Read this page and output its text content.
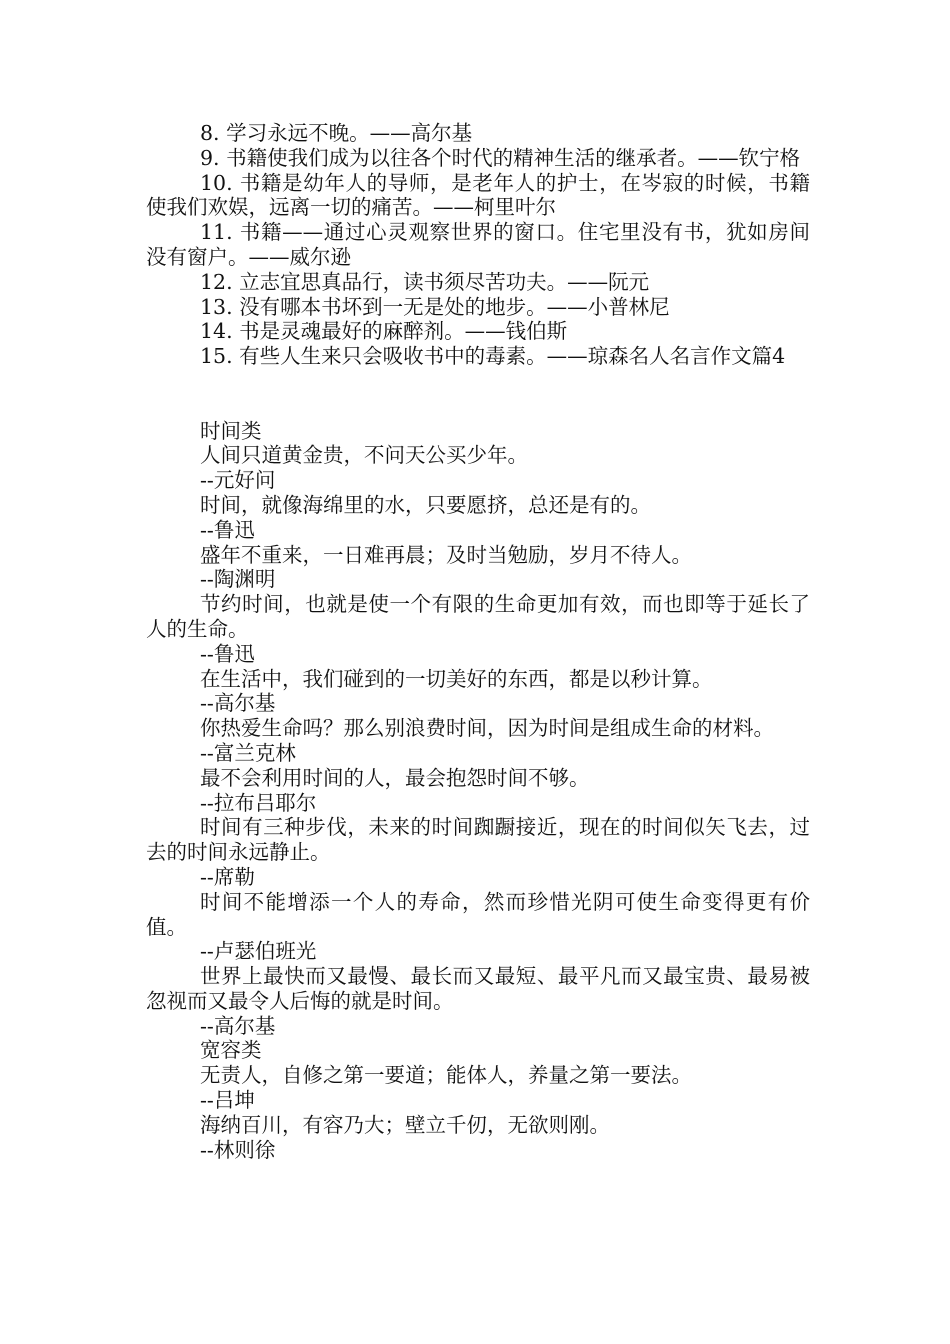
8. 学习永远不晚。——高尔基

9. 书籍使我们成为以往各个时代的精神生活的继承者。——钦宁格

10. 书籍是幼年人的导师，是老年人的护士，在岑寂的时候，书籍使我们欢娱，远离一切的痛苦。——柯里叶尔

11. 书籍——通过心灵观察世界的窗口。住宅里没有书，犹如房间没有窗户。——威尔逊

12. 立志宜思真品行，读书须尽苦功夫。——阮元

13. 没有哪本书坏到一无是处的地步。——小普林尼

14. 书是灵魂最好的麻醉剂。——钱伯斯

15. 有些人生来只会吸收书中的毒素。——琼森名人名言作文篇4

时间类

人间只道黄金贵，不问天公买少年。

--元好问

时间，就像海绵里的水，只要愿挤，总还是有的。

--鲁迅

盛年不重来，一日难再晨；及时当勉励，岁月不待人。

--陶渊明

节约时间，也就是使一个有限的生命更加有效，而也即等于延长了人的生命。

--鲁迅

在生活中，我们碰到的一切美好的东西，都是以秒计算。

--高尔基

你热爱生命吗？那么别浪费时间，因为时间是组成生命的材料。

--富兰克林

最不会利用时间的人，最会抱怨时间不够。

--拉布吕耶尔

时间有三种步伐，未来的时间踟蹰接近，现在的时间似矢飞去，过去的时间永远静止。

--席勒

时间不能增添一个人的寿命，然而珍惜光阴可使生命变得更有价值。

--卢瑟伯班光

世界上最快而又最慢、最长而又最短、最平凡而又最宝贵、最易被忽视而又最令人后悔的就是时间。

--高尔基

宽容类

无责人，自修之第一要道；能体人，养量之第一要法。

--吕坤

海纳百川，有容乃大；壁立千仞，无欲则刚。

--林则徐
